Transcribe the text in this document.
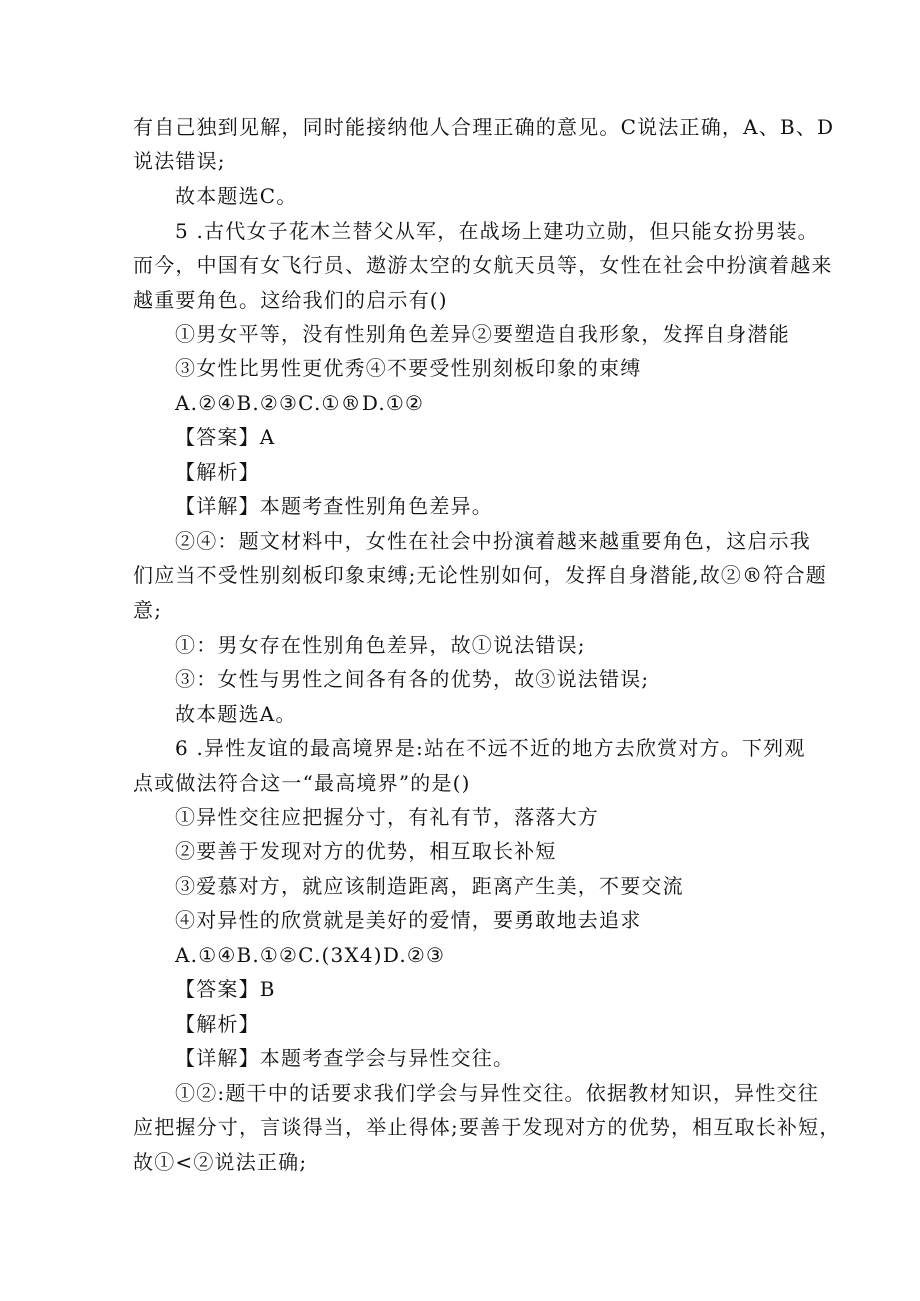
有自己独到见解，同时能接纳他人合理正确的意见。C说法正确，A、B、D
说法错误;
故本题选C。
5 .古代女子花木兰替父从军，在战场上建功立勋，但只能女扮男装。
而今，中国有女飞行员、遨游太空的女航天员等，女性在社会中扮演着越来
越重要角色。这给我们的启示有()
①男女平等，没有性别角色差异②要塑造自我形象，发挥自身潜能
③女性比男性更优秀④不要受性别刻板印象的束缚
A.②④B.②③C.①®D.①②
【答案】A
【解析】
【详解】本题考查性别角色差异。
②④：题文材料中，女性在社会中扮演着越来越重要角色，这启示我
们应当不受性别刻板印象束缚;无论性别如何，发挥自身潜能,故②®符合题
意;
①：男女存在性别角色差异，故①说法错误;
③：女性与男性之间各有各的优势，故③说法错误;
故本题选A。
6 .异性友谊的最高境界是:站在不远不近的地方去欣赏对方。下列观
点或做法符合这一“最高境界”的是()
①异性交往应把握分寸，有礼有节，落落大方
②要善于发现对方的优势，相互取长补短
③爱慕对方，就应该制造距离，距离产生美，不要交流
④对异性的欣赏就是美好的爱情，要勇敢地去追求
A.①④B.①②C.(3X4)D.②③
【答案】B
【解析】
【详解】本题考查学会与异性交往。
①②:题干中的话要求我们学会与异性交往。依据教材知识，异性交往
应把握分寸，言谈得当，举止得体;要善于发现对方的优势，相互取长补短，
故①<②说法正确;
